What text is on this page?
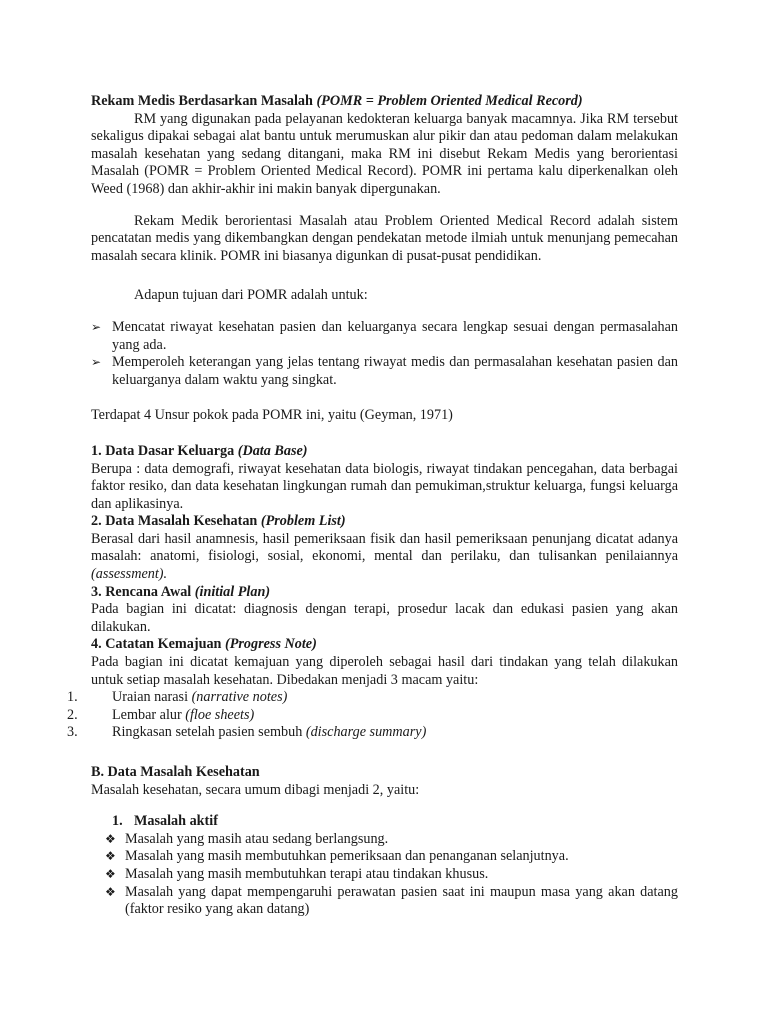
Rekam Medis Berdasarkan Masalah (POMR = Problem Oriented Medical Record)

RM yang digunakan pada pelayanan kedokteran keluarga banyak macamnya. Jika RM tersebut sekaligus dipakai sebagai alat bantu untuk merumuskan alur pikir dan atau pedoman dalam melakukan masalah kesehatan yang sedang ditangani, maka RM ini disebut Rekam Medis yang berorientasi Masalah (POMR = Problem Oriented Medical Record). POMR ini pertama kalu diperkenalkan oleh Weed (1968) dan akhir-akhir ini makin banyak dipergunakan.

Rekam Medik berorientasi Masalah atau Problem Oriented Medical Record adalah sistem pencatatan medis yang dikembangkan dengan pendekatan metode ilmiah untuk menunjang pemecahan masalah secara klinik. POMR ini biasanya digunkan di pusat-pusat pendidikan.

Adapun tujuan dari POMR adalah untuk:

➢ Mencatat riwayat kesehatan pasien dan keluarganya secara lengkap sesuai dengan permasalahan yang ada.
➢ Memperoleh keterangan yang jelas tentang riwayat medis dan permasalahan kesehatan pasien dan keluarganya dalam waktu yang singkat.

Terdapat 4 Unsur pokok pada POMR ini, yaitu (Geyman, 1971)

1. Data Dasar Keluarga (Data Base)

Berupa : data demografi, riwayat kesehatan data biologis, riwayat tindakan pencegahan, data berbagai faktor resiko, dan data kesehatan lingkungan rumah dan pemukiman,struktur keluarga, fungsi keluarga dan aplikasinya.

2. Data Masalah Kesehatan (Problem List)

Berasal dari hasil anamnesis, hasil pemeriksaan fisik dan hasil pemeriksaan penunjang dicatat adanya masalah: anatomi, fisiologi, sosial, ekonomi, mental dan perilaku, dan tulisankan penilaiannya (assessment).

3. Rencana Awal (initial Plan)

Pada bagian ini dicatat: diagnosis dengan terapi, prosedur lacak dan edukasi pasien yang akan dilakukan.

4. Catatan Kemajuan (Progress Note)

Pada bagian ini dicatat kemajuan yang diperoleh sebagai hasil dari tindakan yang telah dilakukan untuk setiap masalah kesehatan. Dibedakan menjadi 3 macam yaitu:

1. Uraian narasi (narrative notes)
2. Lembar alur (floe sheets)
3. Ringkasan setelah pasien sembuh (discharge summary)

B. Data Masalah Kesehatan

Masalah kesehatan, secara umum dibagi menjadi 2, yaitu:

1. Masalah aktif

❖ Masalah yang masih atau sedang berlangsung.
❖ Masalah yang masih membutuhkan pemeriksaan dan penanganan selanjutnya.
❖ Masalah yang masih membutuhkan terapi atau tindakan khusus.
❖ Masalah yang dapat mempengaruhi perawatan pasien saat ini maupun masa yang akan datang (faktor resiko yang akan datang)
